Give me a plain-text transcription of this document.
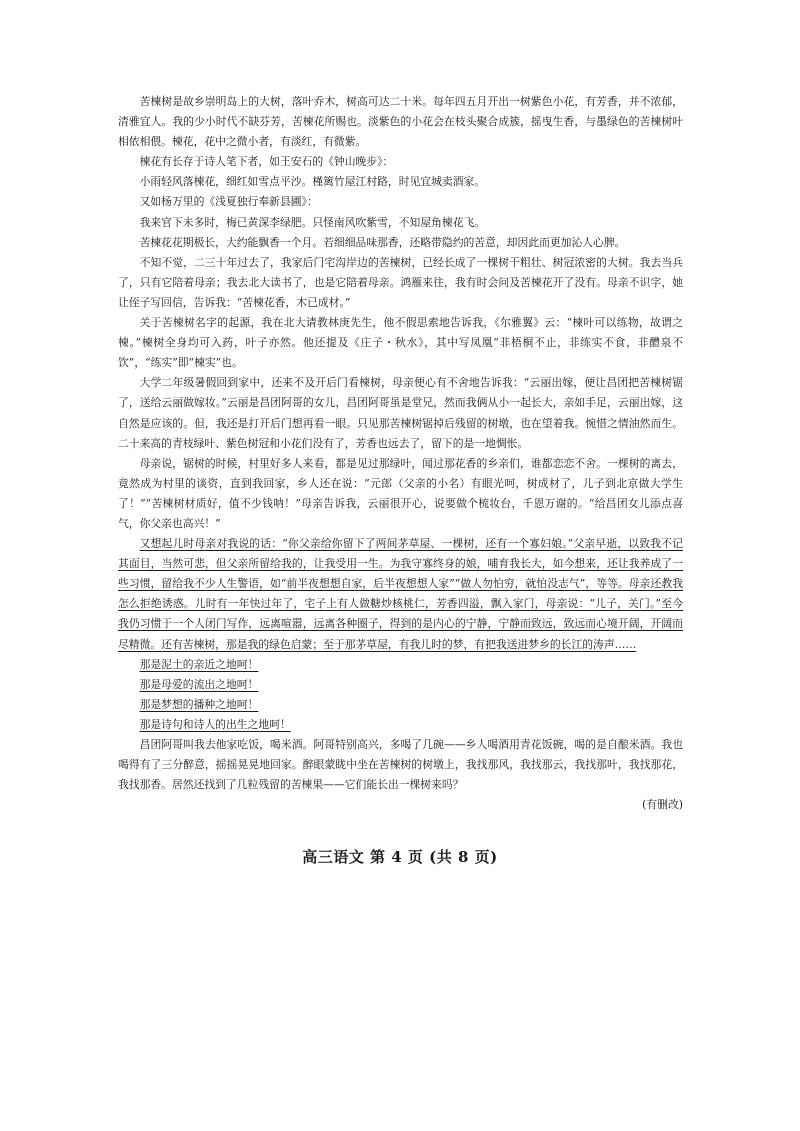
苦楝树是故乡崇明岛上的大树，落叶乔木，树高可达二十米。每年四五月开出一树紫色小花，有芳香，并不浓郁，清雅宜人。我的少小时代不缺芬芳，苦楝花所赐也。淡紫色的小花会在枝头聚合成簇，摇曳生香，与墨绿色的苦楝树叶相依相偎。楝花，花中之微小者，有淡红，有微紫。

楝花有长存于诗人笔下者，如王安石的《钟山晚步》：

小雨轻风落楝花，细红如雪点平沙。槿篱竹屋江村路，时见宜城卖酒家。

又如杨万里的《浅夏独行奉新县圃》：

我来官下未多时，梅已黄深李绿肥。只怪南风吹紫雪，不知屋角楝花飞。

苦楝花花期极长，大约能飘香一个月。若细细品味那香，还略带隐约的苦意，却因此而更加沁人心脾。

不知不觉，二三十年过去了，我家后门宅沟岸边的苦楝树，已经长成了一棵树干粗壮、树冠浓密的大树。我去当兵了，只有它陪着母亲；我去北大读书了，也是它陪着母亲。鸿雁来往，我有时会问及苦楝花开了没有。母亲不识字，她让侄子写回信，告诉我：“苦楝花香，木已成材。”

关于苦楝树名字的起源，我在北大请教林庚先生，他不假思索地告诉我，《尔雅翼》云：“楝叶可以练物，故谓之楝。”楝树全身均可入药，叶子亦然。他还提及《庄子・秋水》，其中写凤凰“非梧桐不止，非练实不食，非醴泉不饮”，“练实”即“楝实”也。

大学二年级暑假回到家中，还来不及开后门看楝树，母亲便心有不舍地告诉我：“云丽出嫁，便让昌团把苦楝树锯了，送给云丽做嫁妆。”云丽是昌团阿哥的女儿，昌团阿哥虽是堂兄，然而我俩从小一起长大，亲如手足，云丽出嫁，这自然是应该的。但，我还是打开后门想再看一眼。只见那苦楝树锯掉后残留的树墩，也在望着我。惋惜之情油然而生。二十来高的青枝绿叶、紫色树冠和小花们没有了，芳香也远去了，留下的是一地惆怅。

母亲说，锯树的时候，村里好多人来看，都是见过那绿叶，闻过那花香的乡亲们，谁都恋恋不舍。一棵树的离去，竟然成为村里的谈资，直到我回家，乡人还在说：“元郎（父亲的小名）有眼光呵，树成材了，儿子到北京做大学生了！”“苦楝树材质好，值不少钱呐！”母亲告诉我，云丽很开心，说要做个梳妆台，千恩万谢的。“给昌团女儿添点喜气，你父亲也高兴！”

又想起儿时母亲对我说的话：“你父亲给你留下了两间茅草屋、一棵树，还有一个寡妇娘。”父亲早逝，以致我不记其面目，当然可悲，但父亲所留给我的，让我受用一生。为我守寡终身的娘，哺育我长大，如今想来，还让我养成了一些习惯，留给我不少人生警语，如“前半夜想想自家，后半夜想想人家”“做人勿怕穷，就怕没志气”，等等。母亲还教我怎么拒绝诱惑。儿时有一年快过年了，宅子上有人做糖炒核桃仁，芳香四溢，飘入家门，母亲说：“儿子，关门。”至今我仍习惯于一个人闭门写作，远离喧嚣，远离各种圈子，得到的是内心的宁静，宁静而致远，致远而心境开阔，开阔而尽精微。还有苦楝树，那是我的绿色启蒙；至于那茅草屋，有我儿时的梦，有把我送进梦乡的长江的涛声……

那是泥土的亲近之地呵！

那是母爱的流出之地呵！

那是梦想的播种之地呵！

那是诗句和诗人的出生之地呵！

昌团阿哥叫我去他家吃饭，喝米酒。阿哥特别高兴，多喝了几碗——乡人喝酒用青花饭碗，喝的是自酿米酒。我也喝得有了三分醉意，摇摇晃晃地回家。醉眼蒙眬中坐在苦楝树的树墩上，我找那风，我找那云，我找那叶，我找那花，我找那香。居然还找到了几粒残留的苦楝果——它们能长出一棵树来吗？

(有删改)

高三语文 第 4 页 (共 8 页)
